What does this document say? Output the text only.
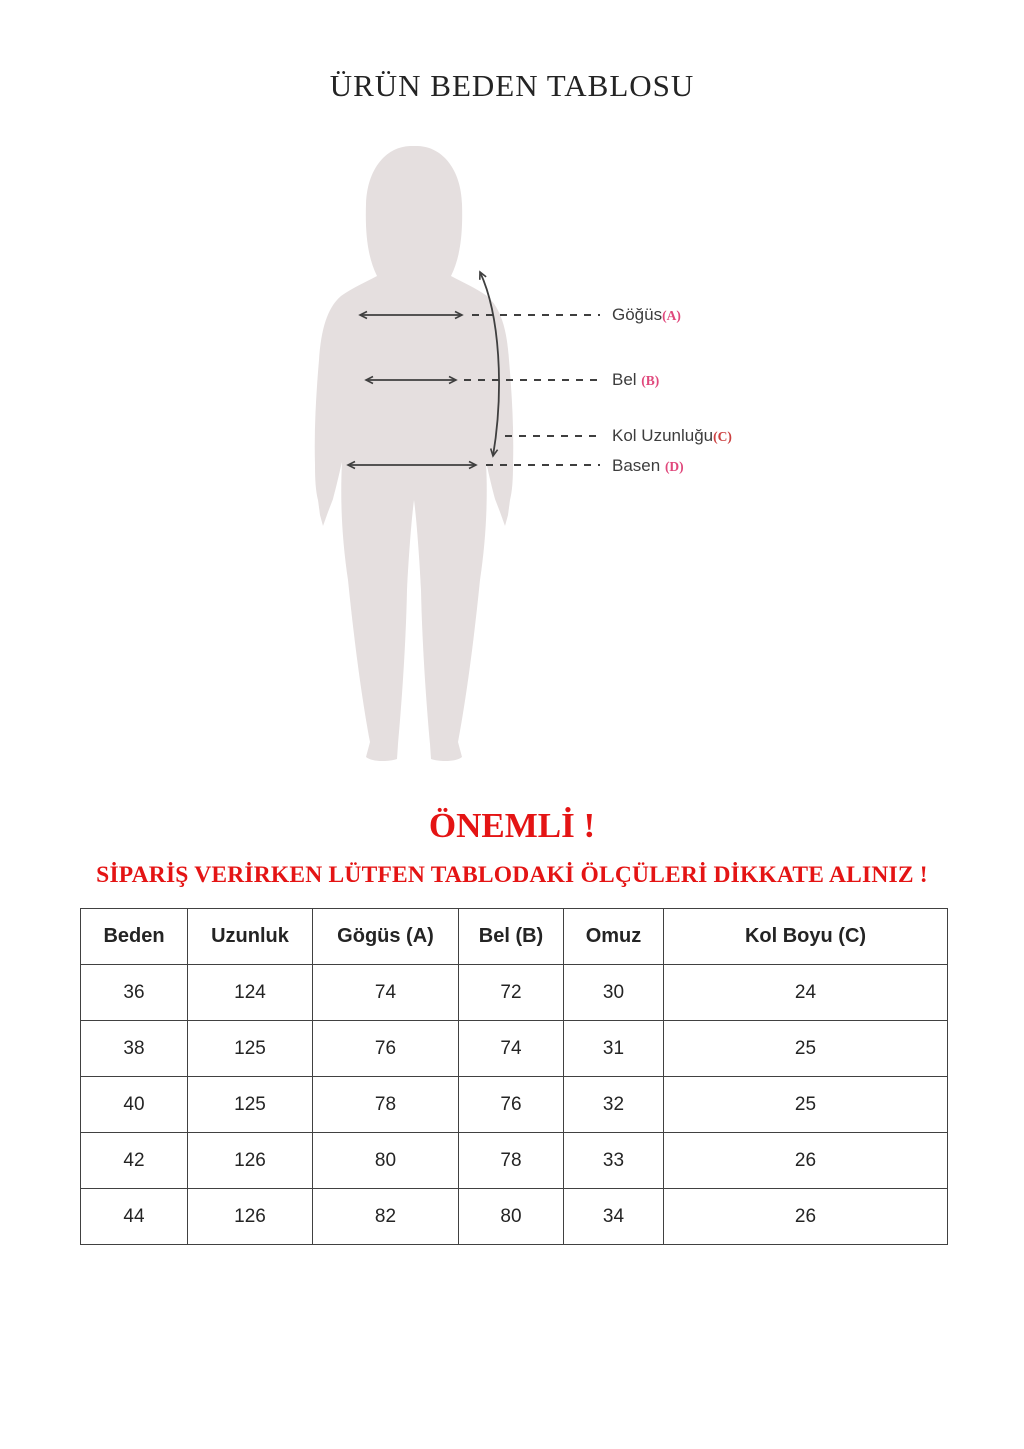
ÜRÜN BEDEN TABLOSU
Göğüs(A)
Bel (B)
Kol Uzunluğu(C)
Basen (D)
ÖNEMLİ !
SİPARİŞ VERİRKEN LÜTFEN TABLODAKİ ÖLÇÜLERİ DİKKATE ALINIZ !
Beden	Uzunluk	Gögüs (A)	Bel (B)	Omuz	Kol Boyu (C)
36	124	74	72	30	24
38	125	76	74	31	25
40	125	78	76	32	25
42	126	80	78	33	26
44	126	82	80	34	26
